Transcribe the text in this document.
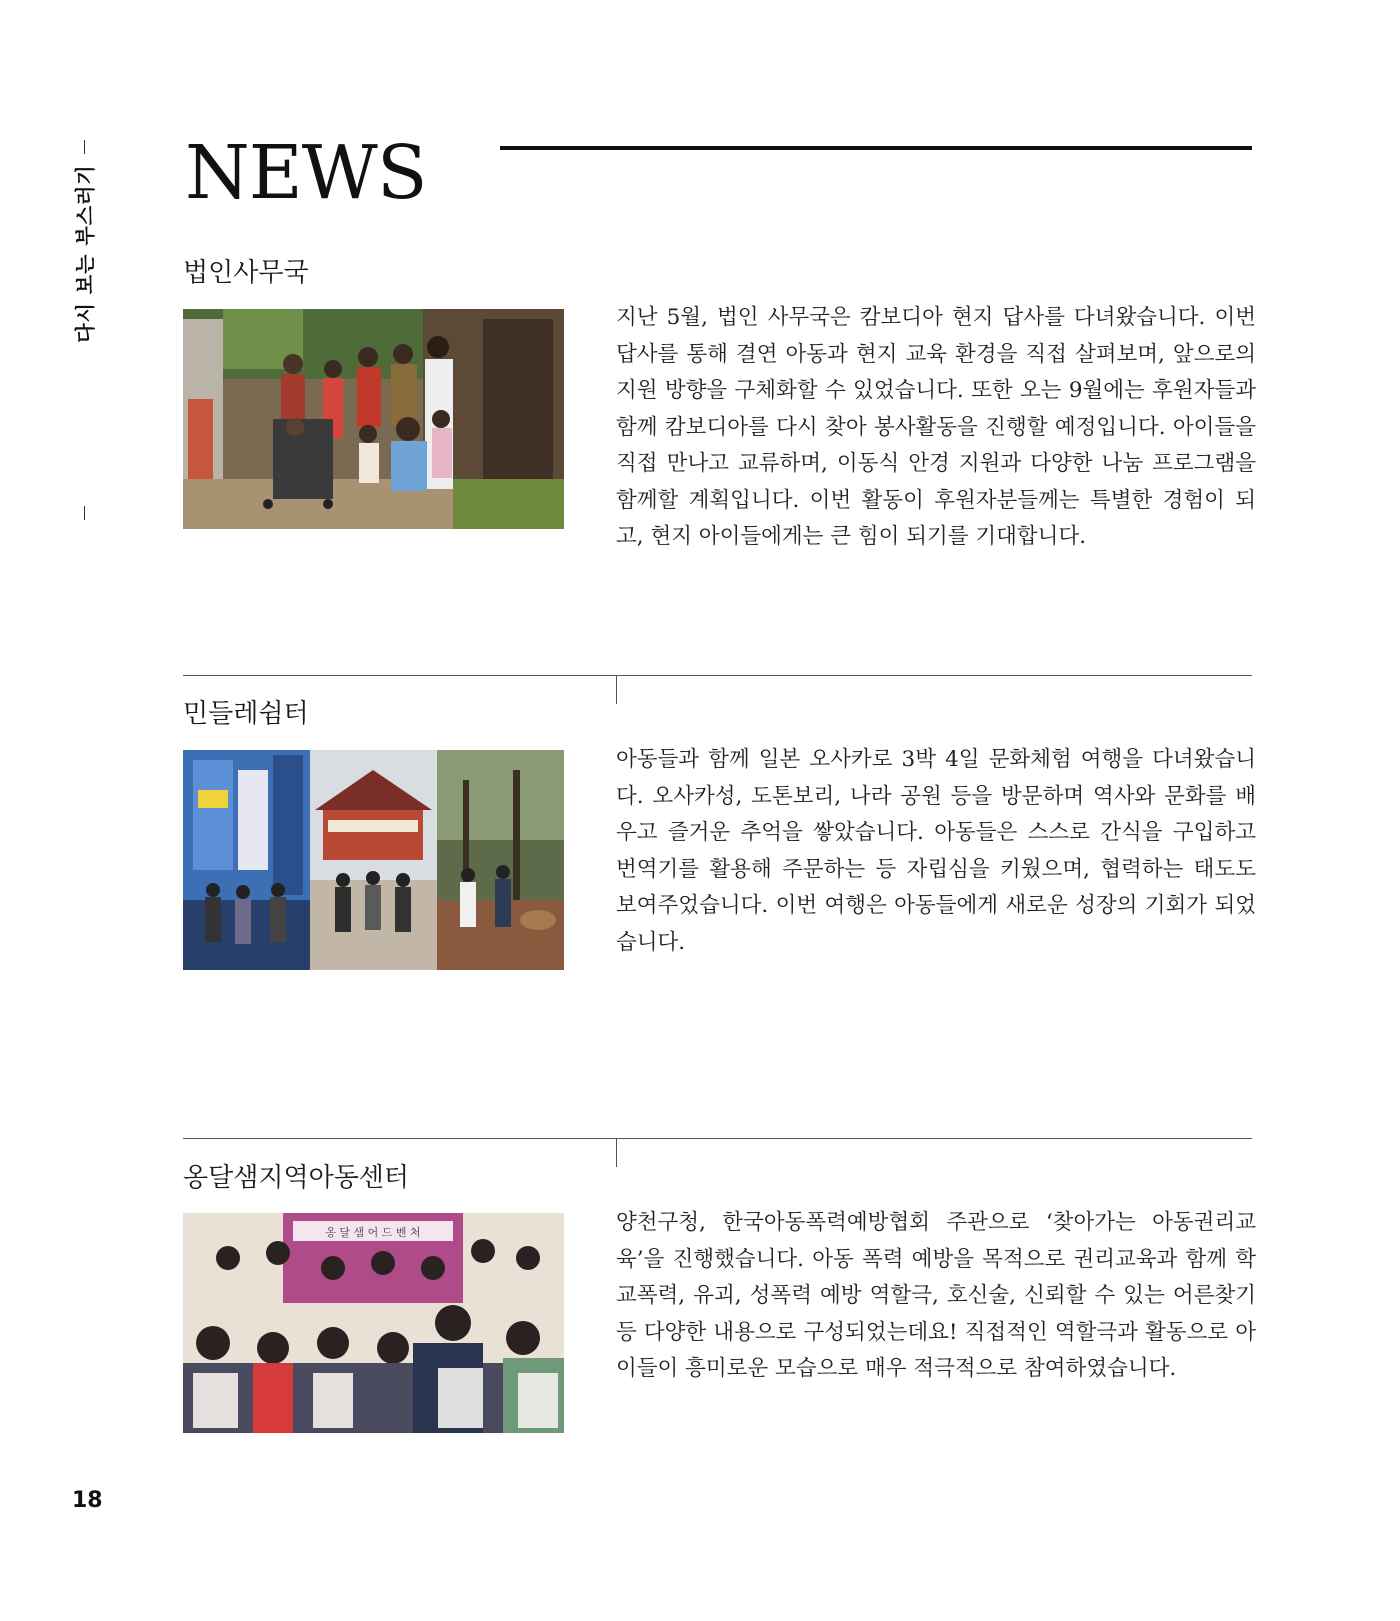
다시 보는 부스러기 NEWS
법인사무국

지난 5월, 법인 사무국은 캄보디아 현지 답사를 다녀왔습니다. 이번 답사를 통해 결연 아동과 현지 교육 환경을 직접 살펴보며, 앞으로의 지원 방향을 구체화할 수 있었습니다. 또한 오는 9월에는 후원자들과 함께 캄보디아를 다시 찾아 봉사활동을 진행할 예정입니다. 아이들을 직접 만나고 교류하며, 이동식 안경 지원과 다양한 나눔 프로그램을 함께할 계획입니다. 이번 활동이 후원자분들께는 특별한 경험이 되고, 현지 아이들에게는 큰 힘이 되기를 기대합니다.

민들레쉼터

아동들과 함께 일본 오사카로 3박 4일 문화체험 여행을 다녀왔습니다. 오사카성, 도톤보리, 나라 공원 등을 방문하며 역사와 문화를 배우고 즐거운 추억을 쌓았습니다. 아동들은 스스로 간식을 구입하고 번역기를 활용해 주문하는 등 자립심을 키웠으며, 협력하는 태도도 보여주었습니다. 이번 여행은 아동들에게 새로운 성장의 기회가 되었습니다.

옹달샘지역아동센터
옹 달 샘 어 드 벤 처	양천구청, 한국아동폭력예방협회 주관으로 ‘찾아가는 아동권리교육’을 진행했습니다. 아동 폭력 예방을 목적으로 권리교육과 함께 학교폭력, 유괴, 성폭력 예방 역할극, 호신술, 신뢰할 수 있는 어른찾기 등 다양한 내용으로 구성되었는데요! 직접적인 역할극과 활동으로 아이들이 흥미로운 모습으로 매우 적극적으로 참여하였습니다.

18
